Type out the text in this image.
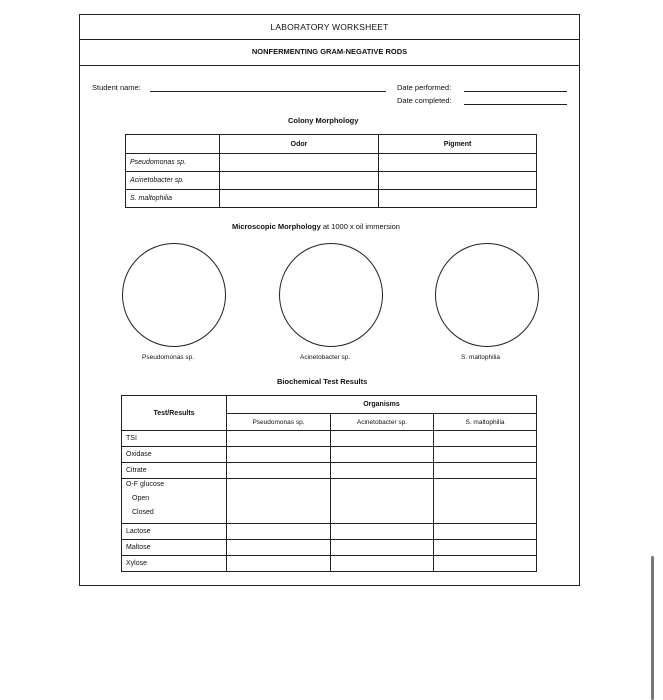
LABORATORY WORKSHEET
NONFERMENTING GRAM-NEGATIVE RODS
Student name:	Date performed:
Date completed:
Colony Morphology
	Odor	Pigment
Pseudomonas sp.		
Acinetobacter sp.		
S. maltophilia		
Microscopic Morphology at 1000 x oil immersion
Pseudomonas sp.	Acinetobacter sp.	S. maltophilia
Biochemical Test Results
Test/Results	Organisms		
	Pseudomonas sp.	Acinetobacter sp.	S. maltophilia
TSI			
Oxidase			
Citrate			

O-F glucose
Open
Closed			

Lactose			
Maltose			
Xylose			
